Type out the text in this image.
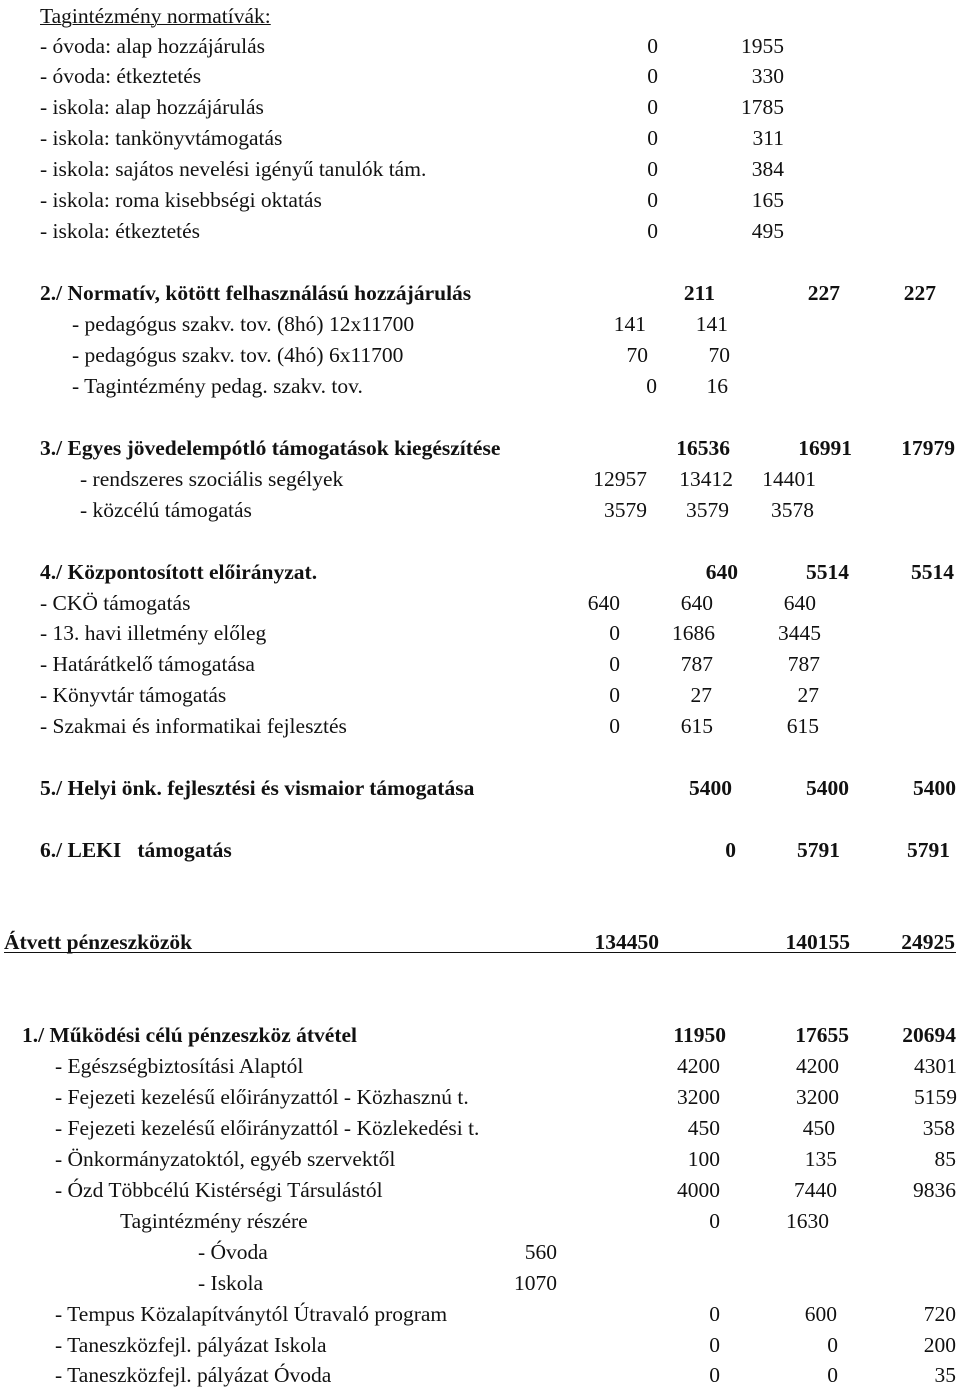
Tagintézmény normatívák:
- óvoda: alap hozzájárulás	0	1955
- óvoda: étkeztetés	0	330
- iskola: alap hozzájárulás	0	1785
- iskola: tankönyvtámogatás	0	311
- iskola: sajátos nevelési igényű tanulók tám.	0	384
- iskola: roma kisebbségi oktatás	0	165
- iskola: étkeztetés	0	495
2./ Normatív, kötött felhasználású hozzájárulás	211	227	227
- pedagógus szakv. tov. (8hó) 12x11700	141 141
- pedagógus szakv. tov. (4hó) 6x11700	70	70
- Tagintézmény pedag. szakv. tov.	0 16
3./ Egyes jövedelempótló támogatások kiegészítése	16536	16991 17979
- rendszeres szociális segélyek	12957 13412 14401
- közcélú támogatás	3579 3579 3578
4./ Központosított előirányzat.	640	5514	5514
- CKÖ támogatás	640	640	640
- 13. havi illetmény előleg	0 1686	3445
- Határátkelő támogatása	0	787	787
- Könyvtár támogatás	0	27	27
- Szakmai és informatikai fejlesztés	0	615	615
5./ Helyi önk. fejlesztési és vismaior támogatása	5400	5400	5400
6./ LEKI   támogatás	0	5791	5791
Átvett pénzeszközök	134450	140155 24925
1./ Működési célú pénzeszköz átvétel	11950	17655 20694
- Egészségbiztosítási Alaptól	4200	4200	4301
- Fejezeti kezelésű előirányzattól - Közhasznú t.	3200	3200	5159
- Fejezeti kezelésű előirányzattól - Közlekedési t.	450	450	358
- Önkormányzatoktól, egyéb szervektől	100	135	85
- Ózd Többcélú Kistérségi Társulástól	4000	7440	9836
Tagintézmény részére	0	1630
- Óvoda	560
- Iskola	1070
- Tempus Közalapítványtól Útravaló program	0	600	720
- Taneszközfejl. pályázat Iskola	0	0	200
- Taneszközfejl. pályázat Óvoda	0	0	35
